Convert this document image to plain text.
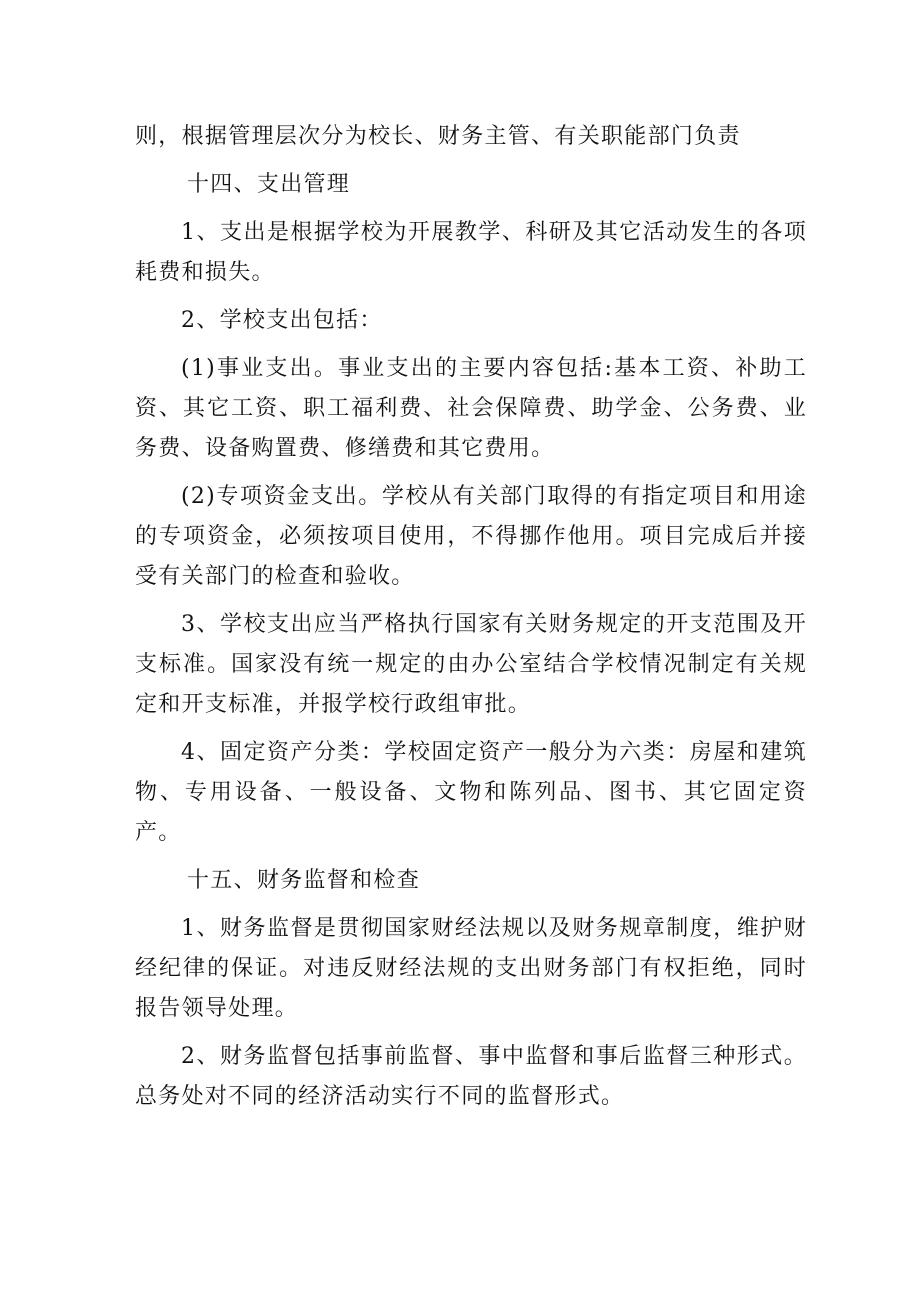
则，根据管理层次分为校长、财务主管、有关职能部门负责

十四、支出管理

1、支出是根据学校为开展教学、科研及其它活动发生的各项耗费和损失。

2、学校支出包括：

(1)事业支出。事业支出的主要内容包括:基本工资、补助工资、其它工资、职工福利费、社会保障费、助学金、公务费、业务费、设备购置费、修缮费和其它费用。

(2)专项资金支出。学校从有关部门取得的有指定项目和用途的专项资金，必须按项目使用，不得挪作他用。项目完成后并接受有关部门的检查和验收。

3、学校支出应当严格执行国家有关财务规定的开支范围及开支标准。国家没有统一规定的由办公室结合学校情况制定有关规定和开支标准，并报学校行政组审批。

4、固定资产分类：学校固定资产一般分为六类：房屋和建筑物、专用设备、一般设备、文物和陈列品、图书、其它固定资产。

十五、财务监督和检查

1、财务监督是贯彻国家财经法规以及财务规章制度，维护财经纪律的保证。对违反财经法规的支出财务部门有权拒绝，同时报告领导处理。

2、财务监督包括事前监督、事中监督和事后监督三种形式。总务处对不同的经济活动实行不同的监督形式。
